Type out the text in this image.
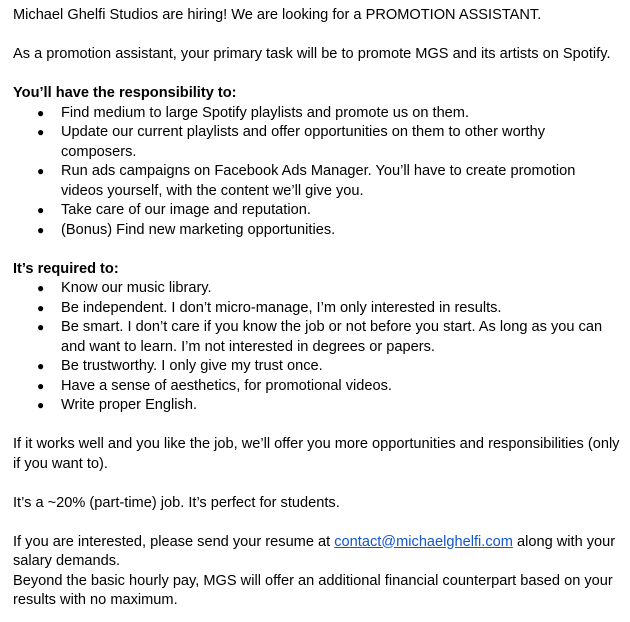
Michael Ghelfi Studios are hiring! We are looking for a PROMOTION ASSISTANT.

As a promotion assistant, your primary task will be to promote MGS and its artists on Spotify.

You’ll have the responsibility to:

● Find medium to large Spotify playlists and promote us on them.
● Update our current playlists and offer opportunities on them to other worthy composers.
● Run ads campaigns on Facebook Ads Manager. You’ll have to create promotion videos yourself, with the content we’ll give you.
● Take care of our image and reputation.
● (Bonus) Find new marketing opportunities.

It’s required to:

● Know our music library.
● Be independent. I don’t micro-manage, I’m only interested in results.
● Be smart. I don’t care if you know the job or not before you start. As long as you can and want to learn. I’m not interested in degrees or papers.
● Be trustworthy. I only give my trust once.
● Have a sense of aesthetics, for promotional videos.
● Write proper English.

If it works well and you like the job, we’ll offer you more opportunities and responsibilities (only if you want to).

It’s a ~20% (part-time) job. It’s perfect for students.

If you are interested, please send your resume at contact@michaelghelfi.com along with your salary demands.

Beyond the basic hourly pay, MGS will offer an additional financial counterpart based on your results with no maximum.
